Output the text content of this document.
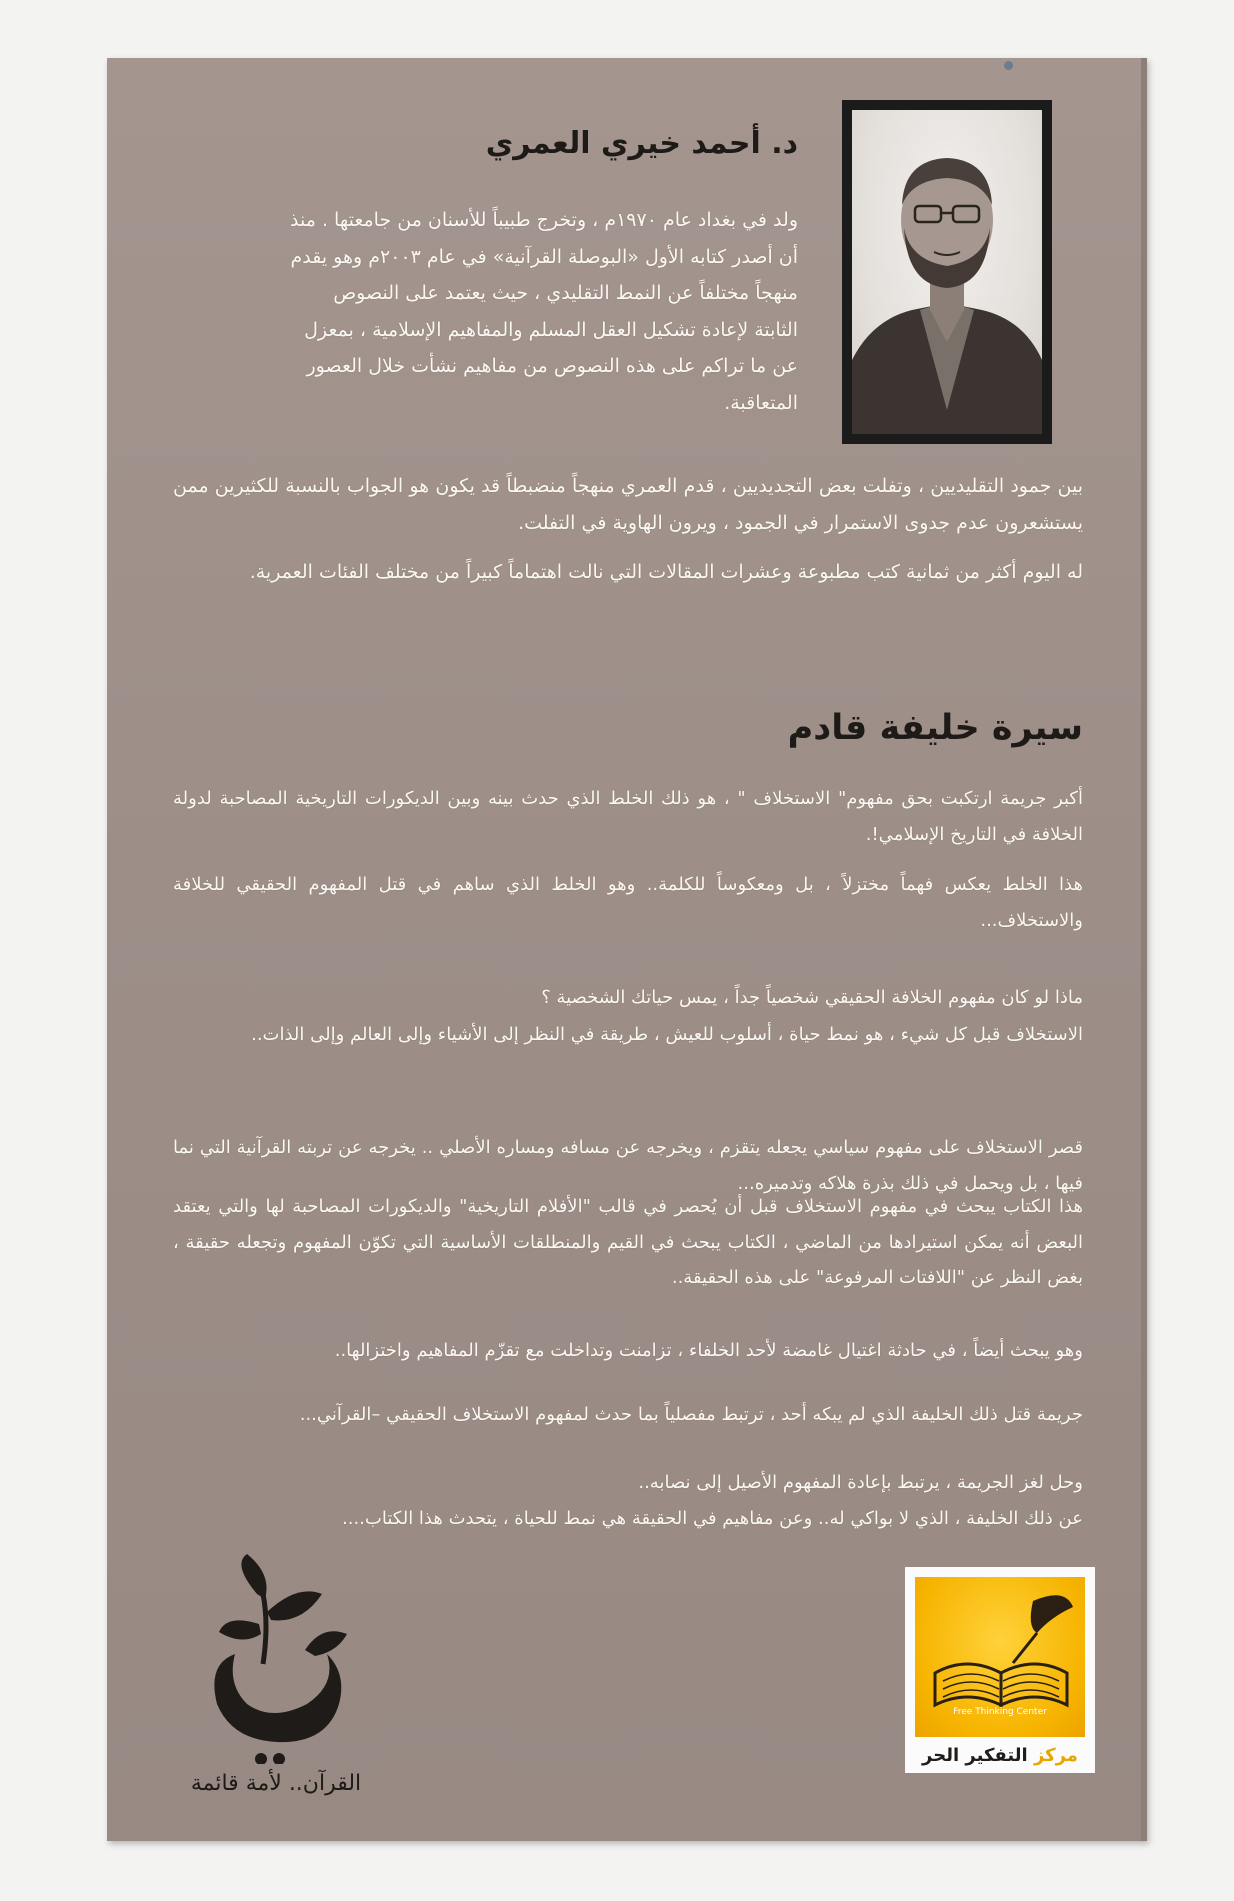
د. أحمد خيري العمري
ولد في بغداد عام ١٩٧٠م ، وتخرج طبيباً للأسنان من جامعتها . منذ
أن أصدر كتابه الأول «البوصلة القرآنية» في عام ٢٠٠٣م وهو يقدم
منهجاً مختلفاً عن النمط التقليدي ، حيث يعتمد على النصوص
الثابتة لإعادة تشكيل العقل المسلم والمفاهيم الإسلامية ، بمعزل
عن ما تراكم على هذه النصوص من مفاهيم نشأت خلال العصور
المتعاقبة.
بين جمود التقليديين ، وتفلت بعض التجديديين ، قدم العمري منهجاً منضبطاً قد يكون هو الجواب بالنسبة للكثيرين ممن يستشعرون عدم جدوى الاستمرار في الجمود ، ويرون الهاوية في التفلت.
له اليوم أكثر من ثمانية كتب مطبوعة وعشرات المقالات التي نالت اهتماماً كبيراً من مختلف الفئات العمرية.
سيرة خليفة قادم
أكبر جريمة ارتكبت بحق مفهوم" الاستخلاف " ، هو ذلك الخلط الذي حدث بينه وبين الديكورات التاريخية المصاحبة لدولة الخلافة في التاريخ الإسلامي!.
هذا الخلط يعكس فهماً مختزلاً ، بل ومعكوساً للكلمة.. وهو الخلط الذي ساهم في قتل المفهوم الحقيقي للخلافة والاستخلاف...
ماذا لو كان مفهوم الخلافة الحقيقي شخصياً جداً ، يمس حياتك الشخصية ؟
الاستخلاف قبل كل شيء ، هو نمط حياة ، أسلوب للعيش ، طريقة في النظر إلى الأشياء وإلى العالم وإلى الذات..
قصر الاستخلاف على مفهوم سياسي يجعله يتقزم ، ويخرجه عن مسافه ومساره الأصلي .. يخرجه عن تربته القرآنية التي نما فيها ، بل ويحمل في ذلك بذرة هلاكه وتدميره...
هذا الكتاب يبحث في مفهوم الاستخلاف قبل أن يُحصر في قالب "الأفلام التاريخية" والديكورات المصاحبة لها والتي يعتقد البعض أنه يمكن استيرادها من الماضي ، الكتاب يبحث في القيم والمنطلقات الأساسية التي تكوّن المفهوم وتجعله حقيقة ، بغض النظر عن "اللافتات المرفوعة" على هذه الحقيقة..
وهو يبحث أيضاً ، في حادثة اغتيال غامضة لأحد الخلفاء ، تزامنت وتداخلت مع تقزّم المفاهيم واختزالها..
جريمة قتل ذلك الخليفة الذي لم يبكه أحد ، ترتبط مفصلياً بما حدث لمفهوم الاستخلاف الحقيقي –القرآني...
وحل لغز الجريمة ، يرتبط بإعادة المفهوم الأصيل إلى نصابه..
عن ذلك الخليفة ، الذي لا بواكي له.. وعن مفاهيم في الحقيقة هي نمط للحياة ، يتحدث هذا الكتاب....
القرآن.. لأمة قائمة
Free Thinking Center
مركز التفكير الحر
